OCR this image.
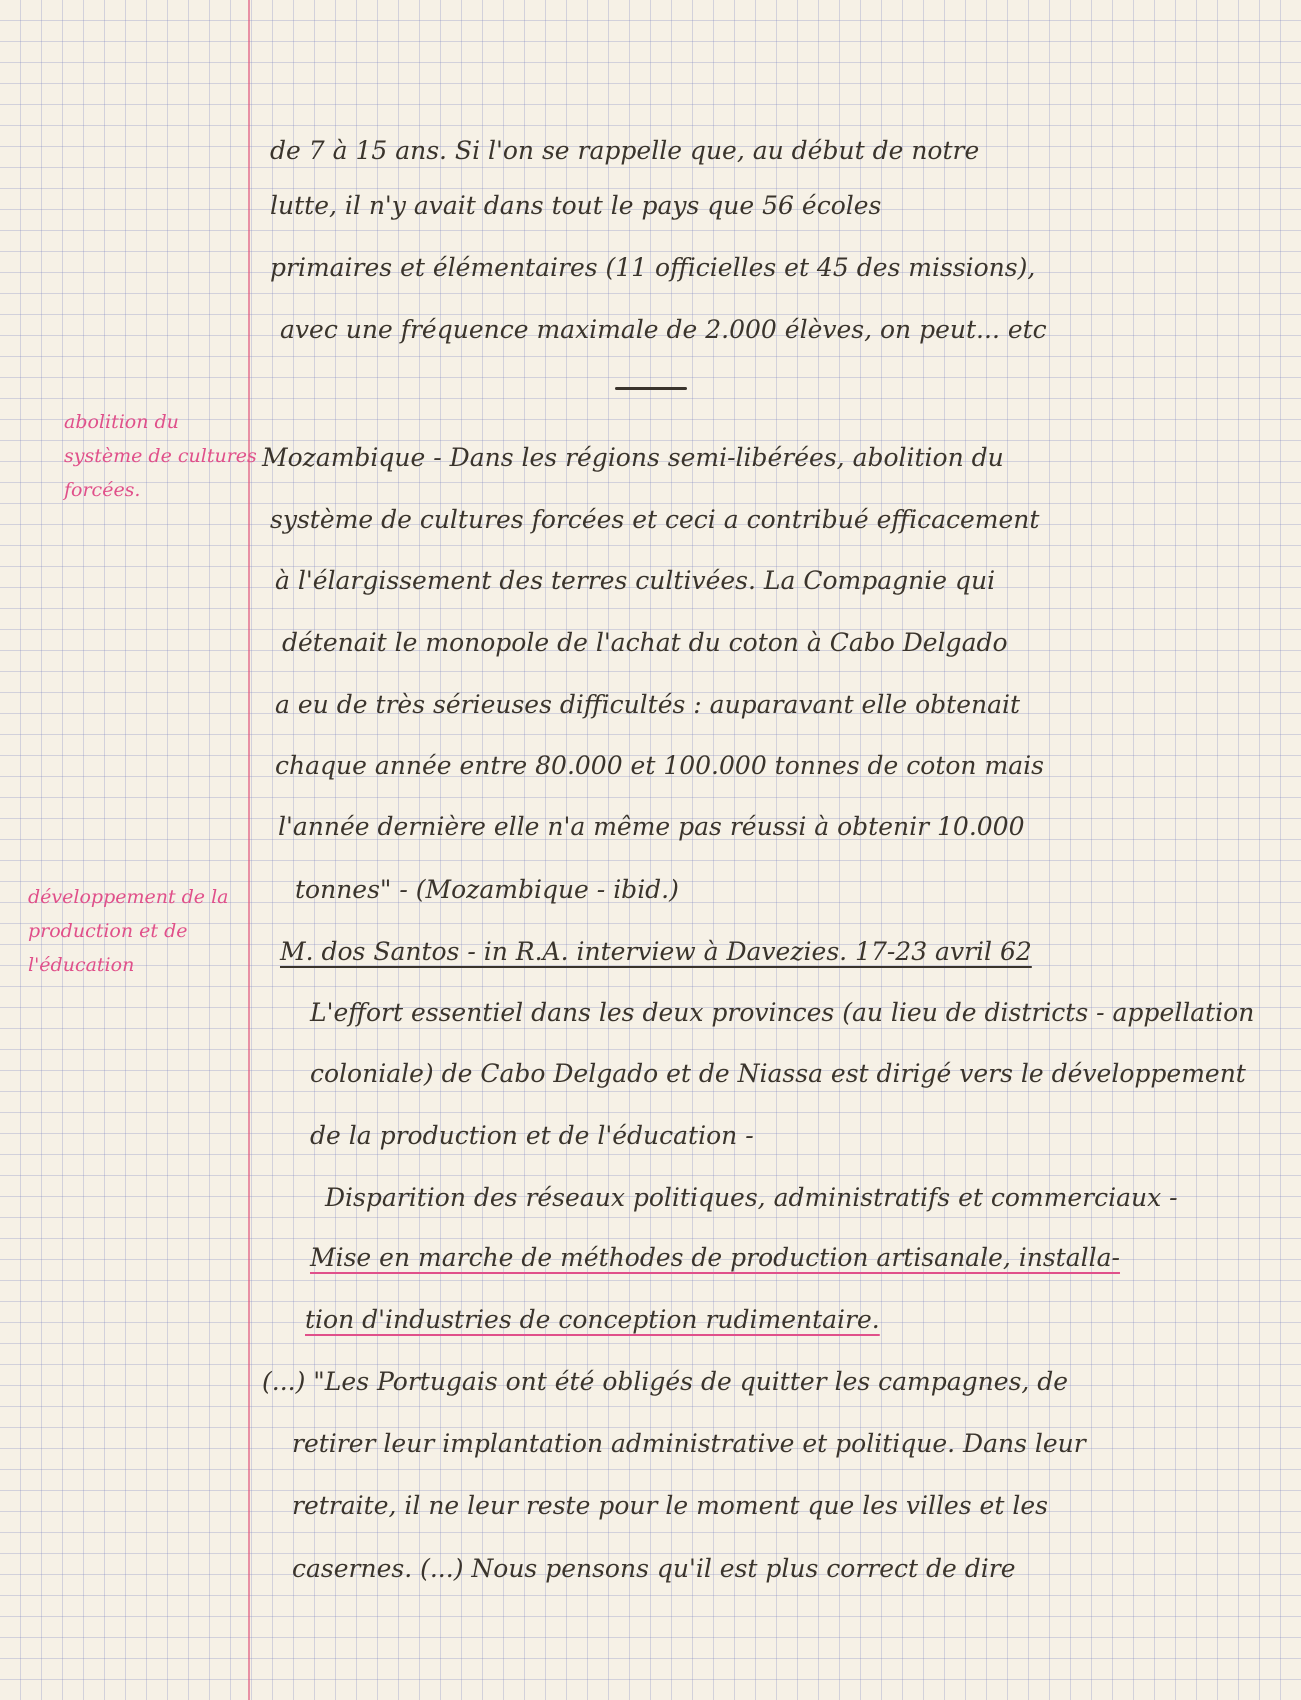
abolition du
système de cultures
forcées.
développement de la
production et de
l'éducation

de 7 à 15 ans. Si l'on se rappelle que, au début de notre

lutte, il n'y avait dans tout le pays que 56 écoles

primaires et élémentaires (11 officielles et 45 des missions),

avec une fréquence maximale de 2.000 élèves, on peut... etc

Mozambique - Dans les régions semi-libérées, abolition du

système de cultures forcées et ceci a contribué efficacement

à l'élargissement des terres cultivées. La Compagnie qui

détenait le monopole de l'achat du coton à Cabo Delgado

a eu de très sérieuses difficultés : auparavant elle obtenait

chaque année entre 80.000 et 100.000 tonnes de coton mais

l'année dernière elle n'a même pas réussi à obtenir 10.000

tonnes" - (Mozambique - ibid.)

M. dos Santos - in R.A. interview à Davezies. 17-23 avril 62

L'effort essentiel dans les deux provinces (au lieu de districts - appellation

coloniale) de Cabo Delgado et de Niassa est dirigé vers le développement

de la production et de l'éducation -

Disparition des réseaux politiques, administratifs et commerciaux -

Mise en marche de méthodes de production artisanale, installa-

tion d'industries de conception rudimentaire.

(...) "Les Portugais ont été obligés de quitter les campagnes, de

retirer leur implantation administrative et politique. Dans leur

retraite, il ne leur reste pour le moment que les villes et les

casernes. (...) Nous pensons qu'il est plus correct de dire
